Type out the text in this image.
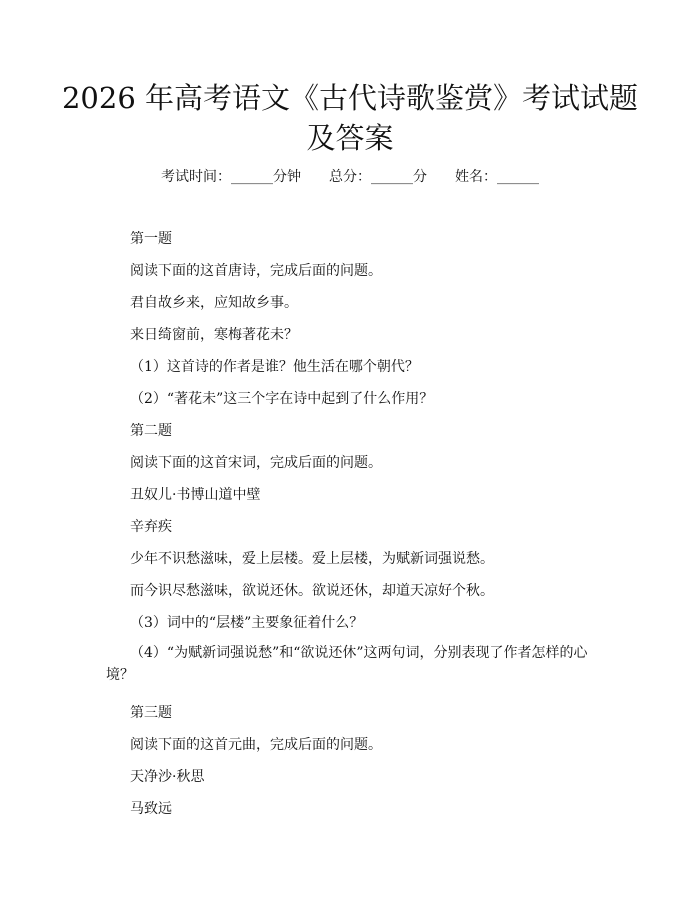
2026 年高考语文《古代诗歌鉴赏》考试试题及答案
考试时间：______分钟 总分：______分 姓名：______
第一题
阅读下面的这首唐诗，完成后面的问题。
君自故乡来，应知故乡事。
来日绮窗前，寒梅著花未？
（1）这首诗的作者是谁？他生活在哪个朝代？
（2）“著花未”这三个字在诗中起到了什么作用？
第二题
阅读下面的这首宋词，完成后面的问题。
丑奴儿·书博山道中壁
辛弃疾
少年不识愁滋味，爱上层楼。爱上层楼，为赋新词强说愁。
而今识尽愁滋味，欲说还休。欲说还休，却道天凉好个秋。
（3）词中的“层楼”主要象征着什么？
（4）“为赋新词强说愁”和“欲说还休”这两句词，分别表现了作者怎样的心境？
第三题
阅读下面的这首元曲，完成后面的问题。
天净沙·秋思
马致远
